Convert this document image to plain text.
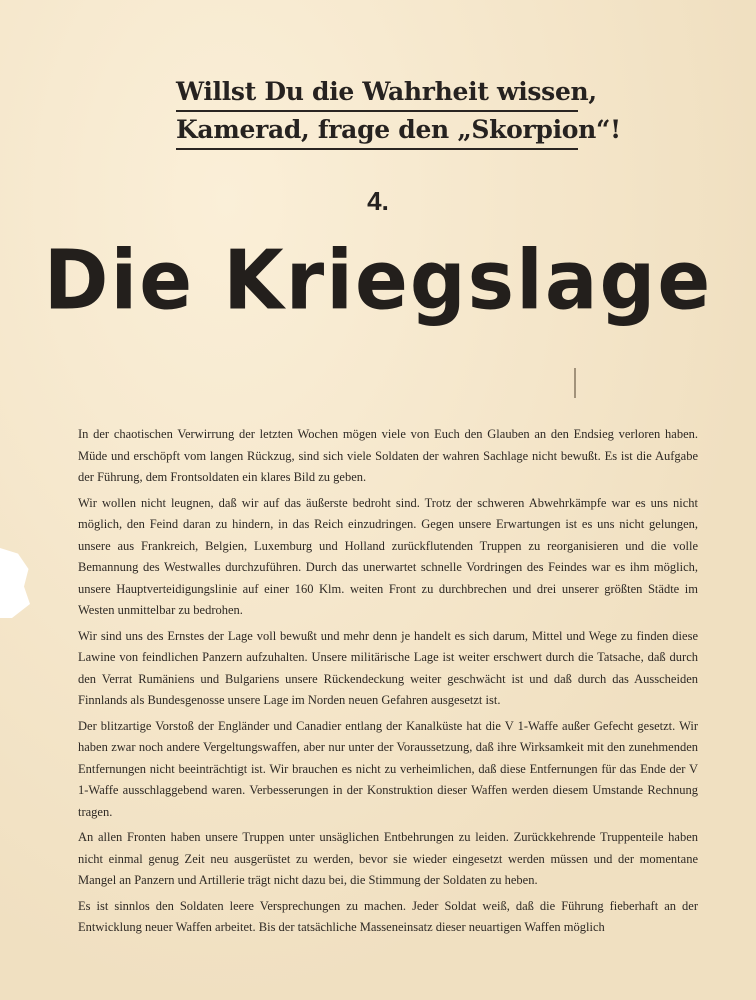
Willst Du die Wahrheit wissen,
Kamerad, frage den „Skorpion“!
4.
Die Kriegslage

In der chaotischen Verwirrung der letzten Wochen mögen viele von Euch den Glauben an den Endsieg verloren haben. Müde und erschöpft vom langen Rückzug, sind sich viele Soldaten der wahren Sachlage nicht bewußt. Es ist die Aufgabe der Führung, dem Frontsoldaten ein klares Bild zu geben.

Wir wollen nicht leugnen, daß wir auf das äußerste bedroht sind. Trotz der schweren Abwehrkämpfe war es uns nicht möglich, den Feind daran zu hindern, in das Reich einzudringen. Gegen unsere Erwartungen ist es uns nicht gelungen, unsere aus Frankreich, Belgien, Luxemburg und Holland zurückflutenden Truppen zu reorganisieren und die volle Bemannung des Westwalles durchzuführen. Durch das unerwartet schnelle Vordringen des Feindes war es ihm möglich, unsere Hauptverteidigungslinie auf einer 160 Klm. weiten Front zu durchbrechen und drei unserer größten Städte im Westen unmittelbar zu bedrohen.

Wir sind uns des Ernstes der Lage voll bewußt und mehr denn je handelt es sich darum, Mittel und Wege zu finden diese Lawine von feindlichen Panzern aufzuhalten. Unsere militärische Lage ist weiter erschwert durch die Tatsache, daß durch den Verrat Rumäniens und Bulgariens unsere Rückendeckung weiter geschwächt ist und daß durch das Ausscheiden Finnlands als Bundesgenosse unsere Lage im Norden neuen Gefahren ausgesetzt ist.

Der blitzartige Vorstoß der Engländer und Canadier entlang der Kanalküste hat die V 1-Waffe außer Gefecht gesetzt. Wir haben zwar noch andere Vergeltungswaffen, aber nur unter der Voraussetzung, daß ihre Wirksamkeit mit den zunehmenden Entfernungen nicht beeinträchtigt ist. Wir brauchen es nicht zu verheimlichen, daß diese Entfernungen für das Ende der V 1-Waffe ausschlaggebend waren. Verbesserungen in der Konstruktion dieser Waffen werden diesem Umstande Rechnung tragen.

An allen Fronten haben unsere Truppen unter unsäglichen Entbehrungen zu leiden. Zurückkehrende Truppenteile haben nicht einmal genug Zeit neu ausgerüstet zu werden, bevor sie wieder eingesetzt werden müssen und der momentane Mangel an Panzern und Artillerie trägt nicht dazu bei, die Stimmung der Soldaten zu heben.

Es ist sinnlos den Soldaten leere Versprechungen zu machen. Jeder Soldat weiß, daß die Führung fieberhaft an der Entwicklung neuer Waffen arbeitet. Bis der tatsächliche Masseneinsatz dieser neuartigen Waffen möglich
